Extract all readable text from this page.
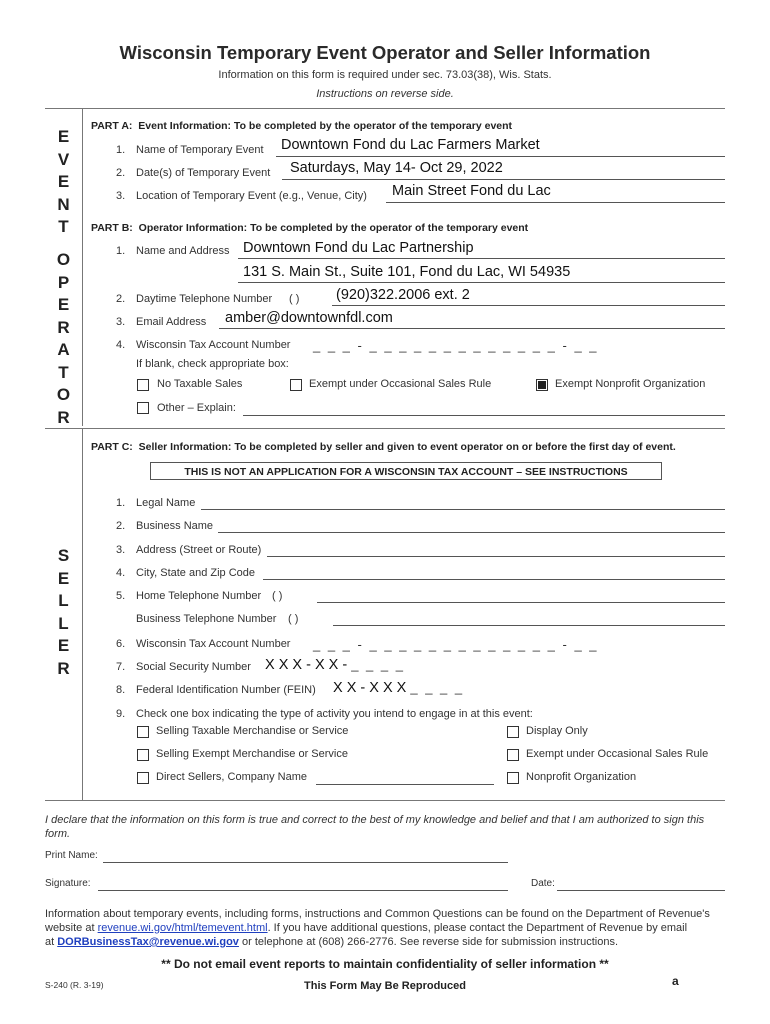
Wisconsin Temporary Event Operator and Seller Information
Information on this form is required under sec. 73.03(38), Wis. Stats.
Instructions on reverse side.
E
V
E
N
T
O
P
E
R
A
T
O
R
S
E
L
L
E
R
PART A: Event Information: To be completed by the operator of the temporary event
1. Name of Temporary Event Downtown Fond du Lac Farmers Market
2. Date(s) of Temporary Event Saturdays, May 14- Oct 29, 2022
3. Location of Temporary Event (e.g., Venue, City) Main Street Fond du Lac
PART B: Operator Information: To be completed by the operator of the temporary event
1. Name and Address Downtown Fond du Lac Partnership
131 S. Main St., Suite 101, Fond du Lac, WI 54935
2. Daytime Telephone Number ( )	(920)322.2006 ext. 2
3. Email Address amber@downtownfdl.com
4. Wisconsin Tax Account Number _ _ _ - _ _ _ _ _ _ _ _ _ _ _ _ _ - _ _
If blank, check appropriate box:
No Taxable Sales	Exempt under Occasional Sales Rule	Exempt Nonprofit Organization
Other – Explain:
PART C: Seller Information: To be completed by seller and given to event operator on or before the first day of event.
THIS IS NOT AN APPLICATION FOR A WISCONSIN TAX ACCOUNT – SEE INSTRUCTIONS
1. Legal Name
2. Business Name
3. Address (Street or Route)
4. City, State and Zip Code
5. Home Telephone Number ( )
Business Telephone Number ( )
6. Wisconsin Tax Account Number _ _ _ - _ _ _ _ _ _ _ _ _ _ _ _ _ - _ _
7. Social Security Number X X X - X X - _ _ _ _
8. Federal Identification Number (FEIN) X X - X X X _ _ _ _
9. Check one box indicating the type of activity you intend to engage in at this event:
Selling Taxable Merchandise or Service	Display Only
Selling Exempt Merchandise or Service	Exempt under Occasional Sales Rule
Direct Sellers, Company Name	Nonprofit Organization
I declare that the information on this form is true and correct to the best of my knowledge and belief and that I am authorized to sign this form.
Print Name:
Signature:	Date:
Information about temporary events, including forms, instructions and Common Questions can be found on the Department of Revenue's
website at revenue.wi.gov/html/temevent.html. If you have additional questions, please contact the Department of Revenue by email
at DORBusinessTax@revenue.wi.gov or telephone at (608) 266-2776. See reverse side for submission instructions.
** Do not email event reports to maintain confidentiality of seller information **
S-240 (R. 3-19)	This Form May Be Reproduced	a
